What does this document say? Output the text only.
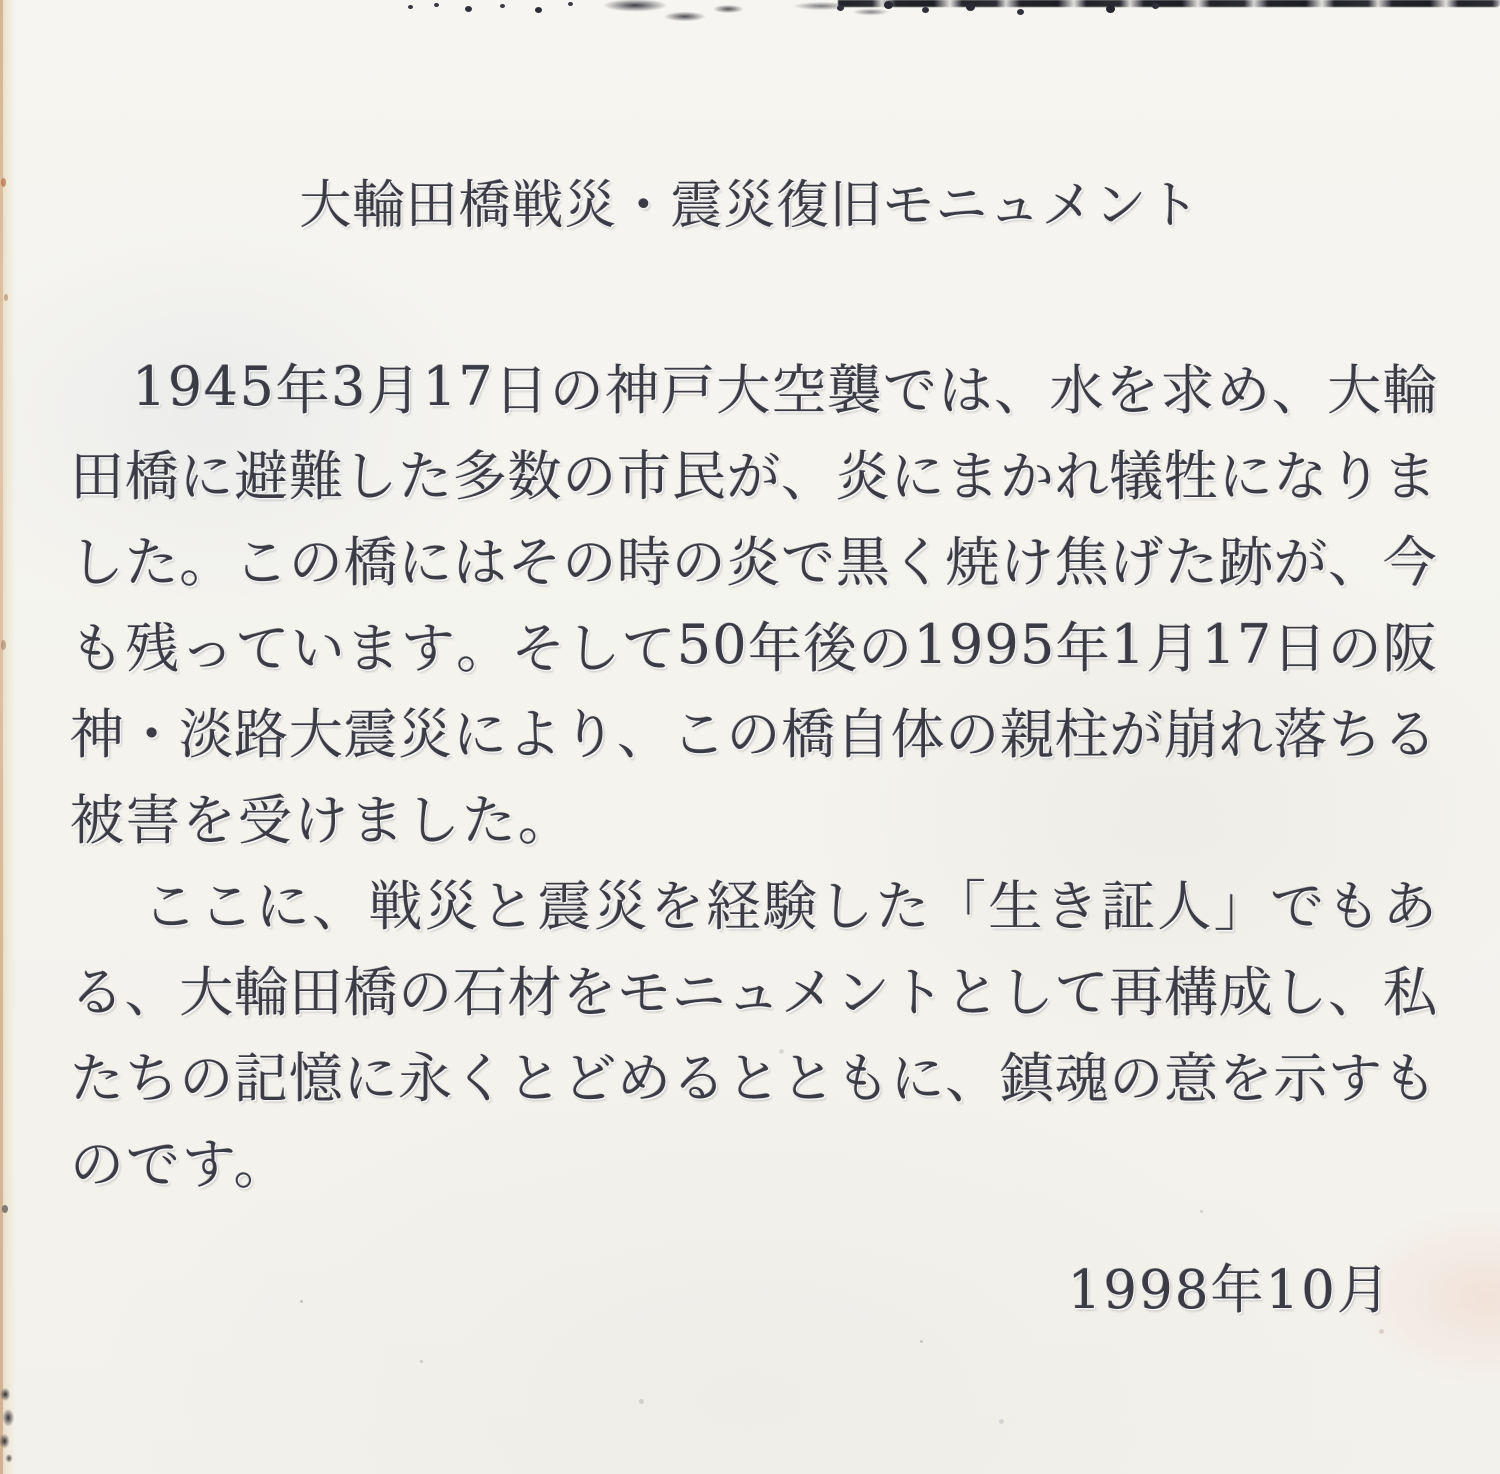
大輪田橋戦災・震災復旧モニュメント
1 9 4 5 年 3 月 1 7 日 の 神 戸 大 空 襲 で は 、 水 を 求 め 、 大 輪
田 橋 に 避 難 し た 多 数 の 市 民 が 、 炎 に ま か れ 犠 牲 に な り ま
し た 。 こ の 橋 に は そ の 時 の 炎 で 黒 く 焼 け 焦 げ た 跡 が 、 今
も 残 っ て い ま す 。 そ し て 5 0 年 後 の 1 9 9 5 年 1 月 1 7 日 の 阪
神 ・ 淡 路 大 震 災 に よ り 、 こ の 橋 自 体 の 親 柱 が 崩 れ 落 ち る
被害を受けました。
こ こ に 、 戦 災 と 震 災 を 経 験 し た 「 生 き 証 人 」 で も あ
る 、 大 輪 田 橋 の 石 材 を モ ニ ュ メ ン ト と し て 再 構 成 し 、 私
た ち の 記 憶 に 永 く と ど め る と と も に 、 鎮 魂 の 意 を 示 す も
のです。
1998年10月
